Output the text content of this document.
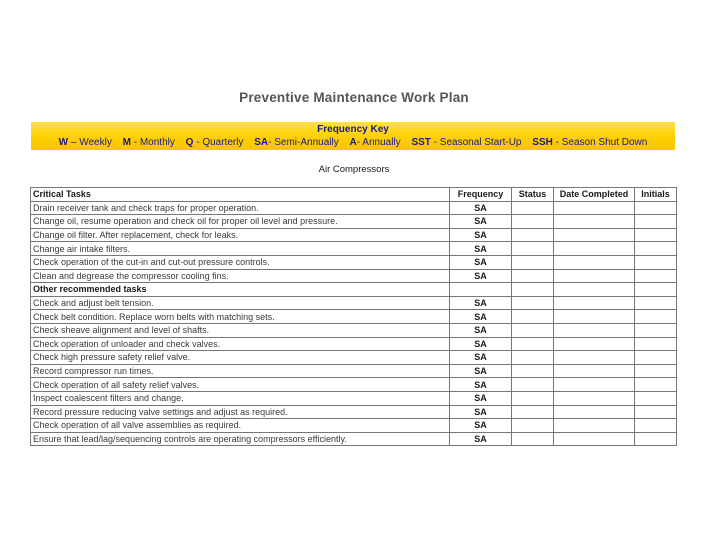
Preventive Maintenance Work Plan
Frequency Key
W – Weekly M - Monthly Q - Quarterly SA- Semi-Annually A- Annually SST - Seasonal Start-Up SSH - Season Shut Down
Air Compressors
Critical Tasks	Frequency	Status	Date Completed	Initials
Drain receiver tank and check traps for proper operation.	SA			
Change oil, resume operation and check oil for proper oil level and pressure.	SA			
Change oil filter. After replacement, check for leaks.	SA			
Change air intake filters.	SA			
Check operation of the cut-in and cut-out pressure controls.	SA			
Clean and degrease the compressor cooling fins.	SA			
Other recommended tasks				
Check and adjust belt tension.	SA			
Check belt condition. Replace worn belts with matching sets.	SA			
Check sheave alignment and level of shafts.	SA			
Check operation of unloader and check valves.	SA			
Check high pressure safety relief valve.	SA			
Record compressor run times.	SA			
Check operation of all safety relief valves.	SA			
Inspect coalescent filters and change.	SA			
Record pressure reducing valve settings and adjust as required.	SA			
Check operation of all valve assemblies as required.	SA			
Ensure that lead/lag/sequencing controls are operating compressors efficiently.	SA			
